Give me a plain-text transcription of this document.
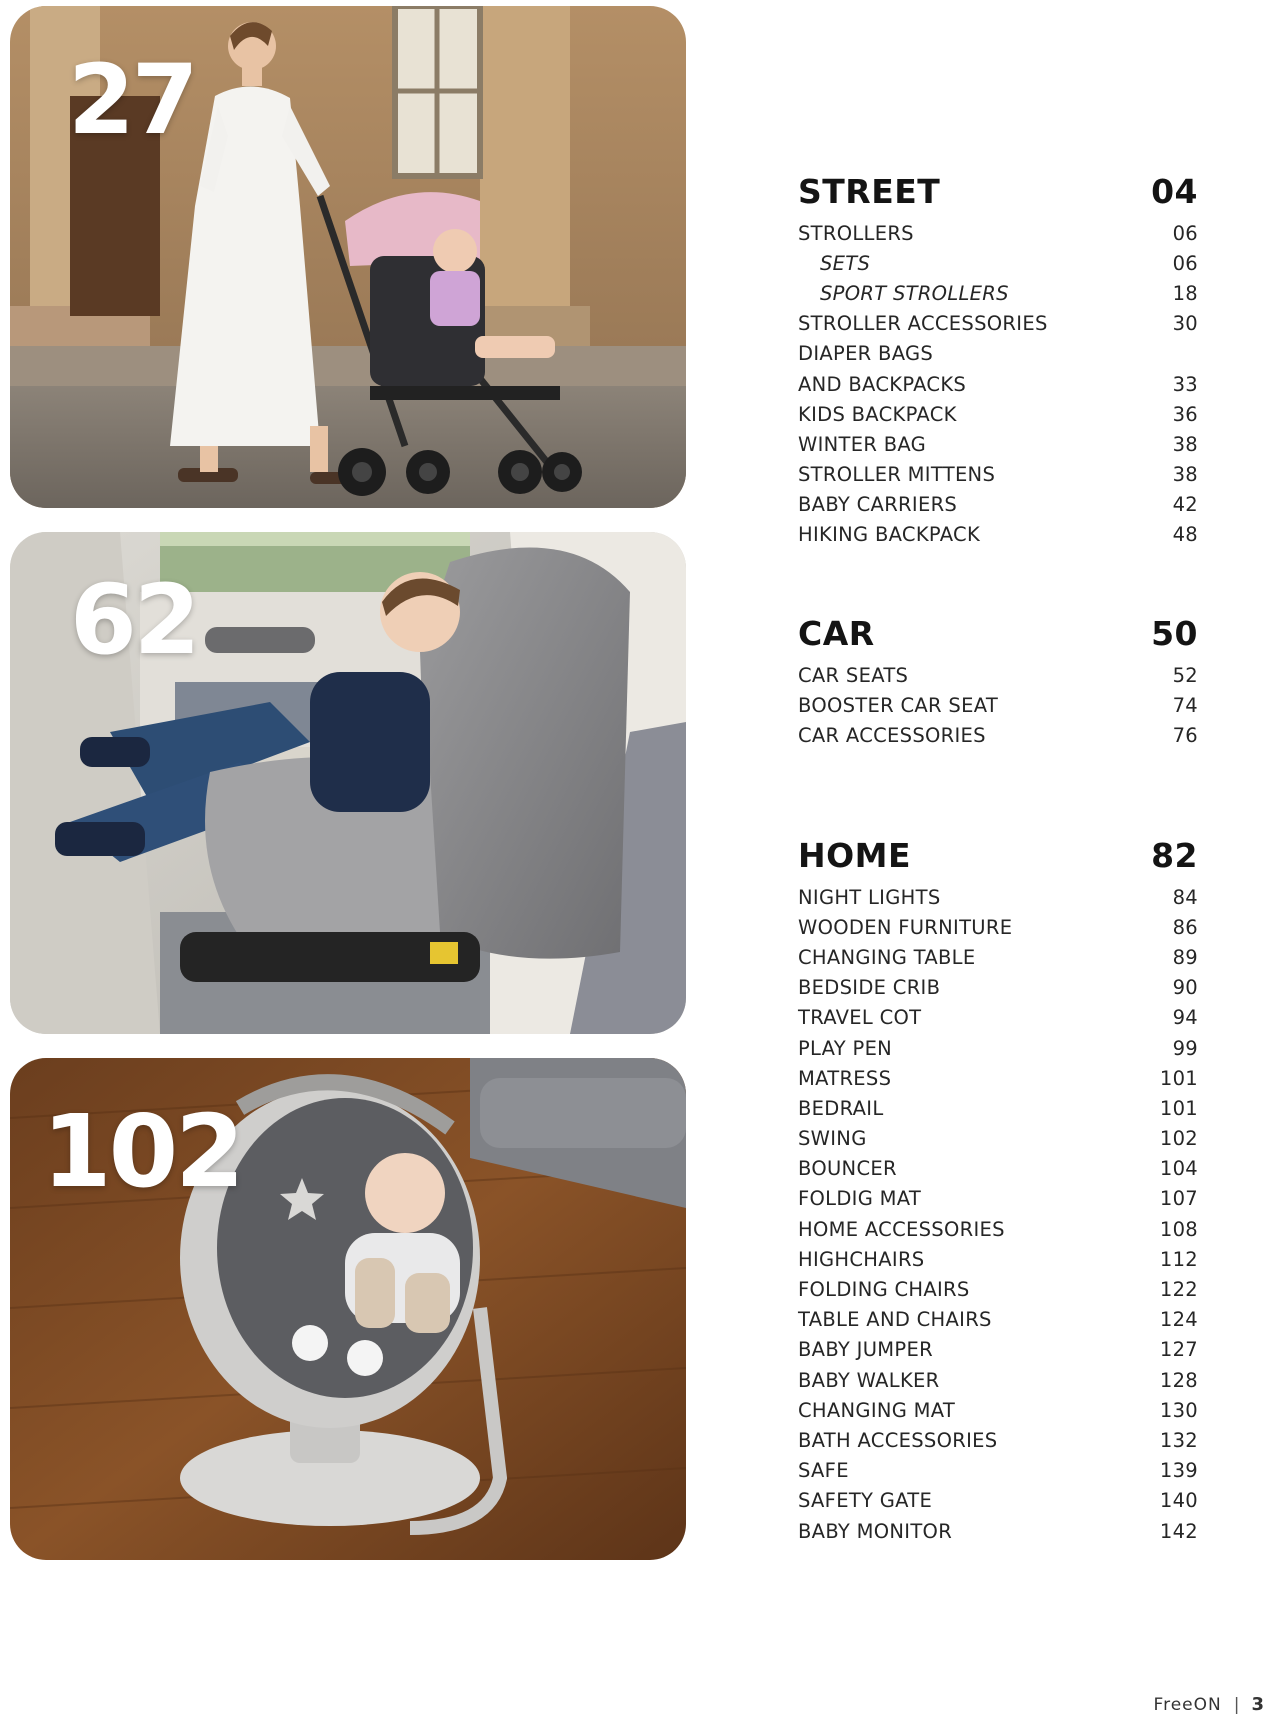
27
62
102
STREET	04
STROLLERS	06
SETS	06
SPORT STROLLERS	18
STROLLER ACCESSORIES	30
DIAPER BAGS
AND BACKPACKS	33
KIDS BACKPACK	36
WINTER BAG	38
STROLLER MITTENS	38
BABY CARRIERS	42
HIKING BACKPACK	48
CAR	50
CAR SEATS	52
BOOSTER CAR SEAT	74
CAR ACCESSORIES	76
HOME	82
NIGHT LIGHTS	84
WOODEN FURNITURE	86
CHANGING TABLE	89
BEDSIDE CRIB	90
TRAVEL COT	94
PLAY PEN	99
MATRESS	101
BEDRAIL	101
SWING	102
BOUNCER	104
FOLDIG MAT	107
HOME ACCESSORIES	108
HIGHCHAIRS	112
FOLDING CHAIRS	122
TABLE AND CHAIRS	124
BABY JUMPER	127
BABY WALKER	128
CHANGING MAT	130
BATH ACCESSORIES	132
SAFE	139
SAFETY GATE	140
BABY MONITOR	142
FreeON | 3
